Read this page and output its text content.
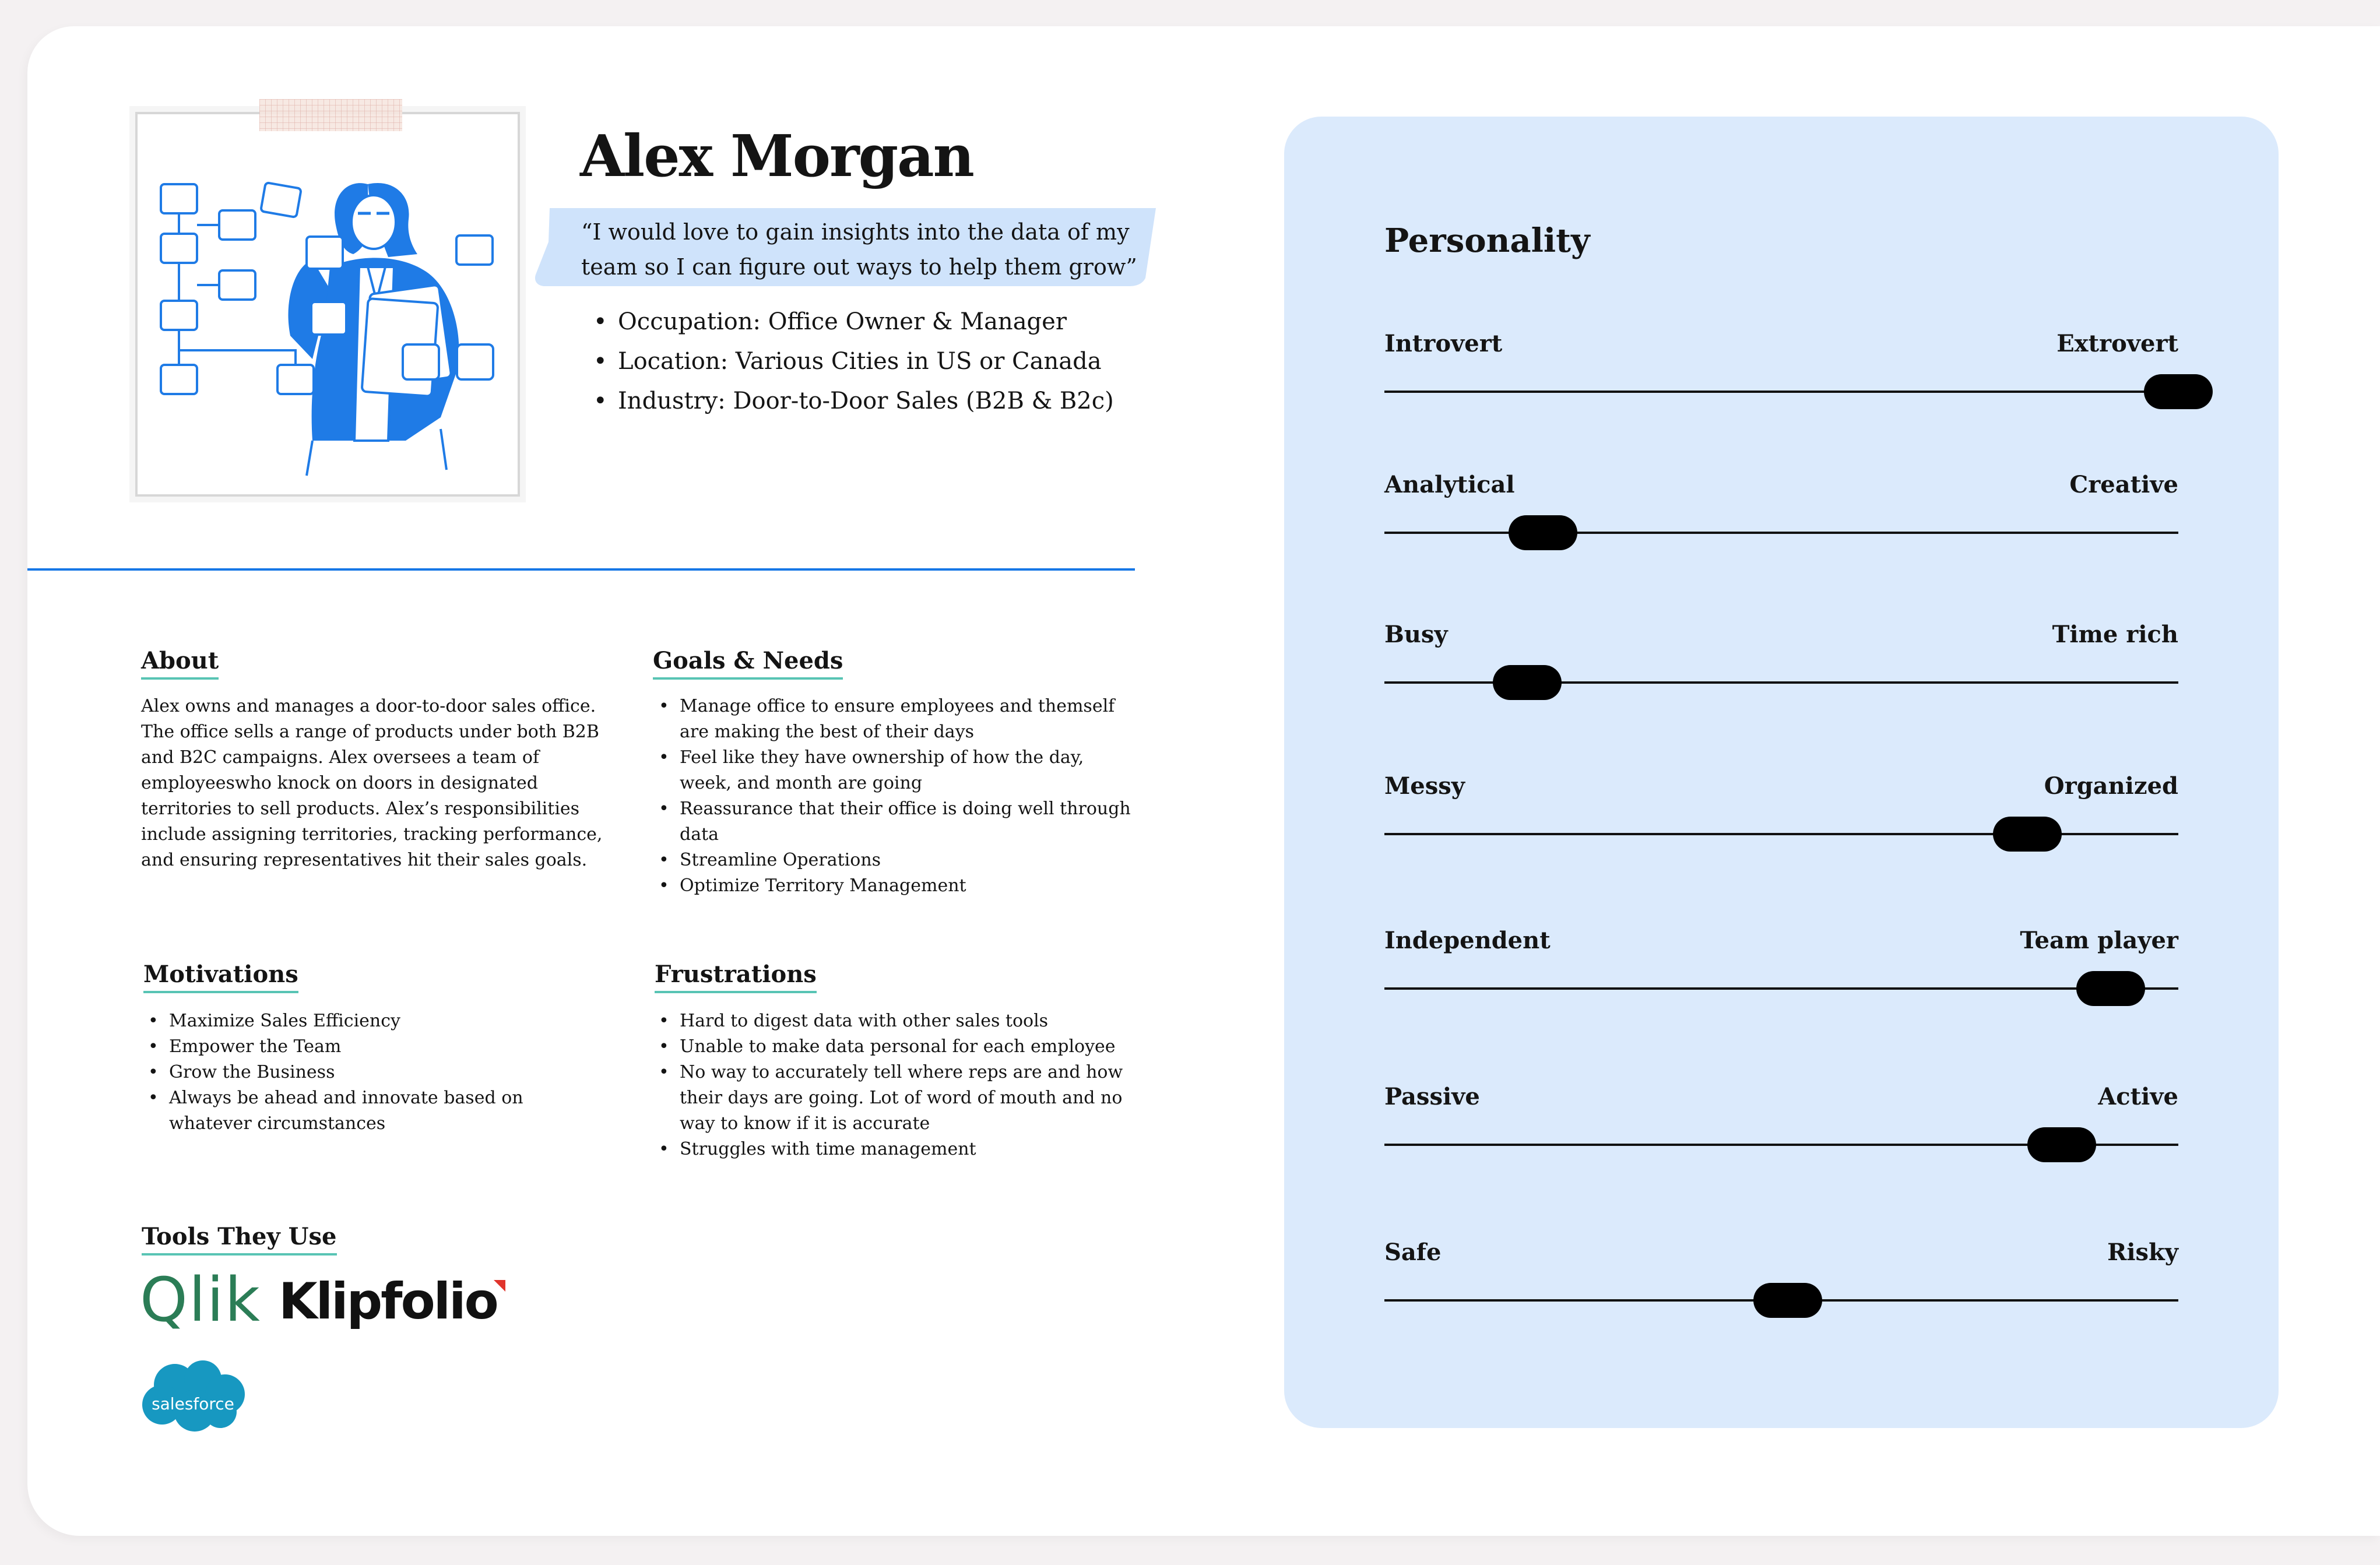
Alex Morgan

“I would love to gain insights into the data of my team so I can figure out ways to help them grow”

• Occupation: Office Owner & Manager
• Location: Various Cities in US or Canada
• Industry: Door-to-Door Sales (B2B & B2c)
About

Alex owns and manages a door-to-door sales office. The office sells a range of products under both B2B and B2C campaigns. Alex oversees a team of employeeswho knock on doors in designated territories to sell products. Alex’s responsibilities include assigning territories, tracking performance, and ensuring representatives hit their sales goals.

Goals & Needs
• Manage office to ensure employees and themself are making the best of their days
• Feel like they have ownership of how the day, week, and month are going
• Reassurance that their office is doing well through data
• Streamline Operations
• Optimize Territory Management
Motivations
• Maximize Sales Efficiency
• Empower the Team
• Grow the Business
• Always be ahead and innovate based on whatever circumstances
Frustrations
• Hard to digest data with other sales tools
• Unable to make data personal for each employee
• No way to accurately tell where reps are and how their days are going. Lot of word of mouth and no way to know if it is accurate
• Struggles with time management
Tools They Use
Qlik Klipfolio
salesforce
Personality
Introvert	Extrovert
Analytical	Creative
Busy	Time rich
Messy	Organized
Independent	Team player
Passive	Active
Safe	Risky
